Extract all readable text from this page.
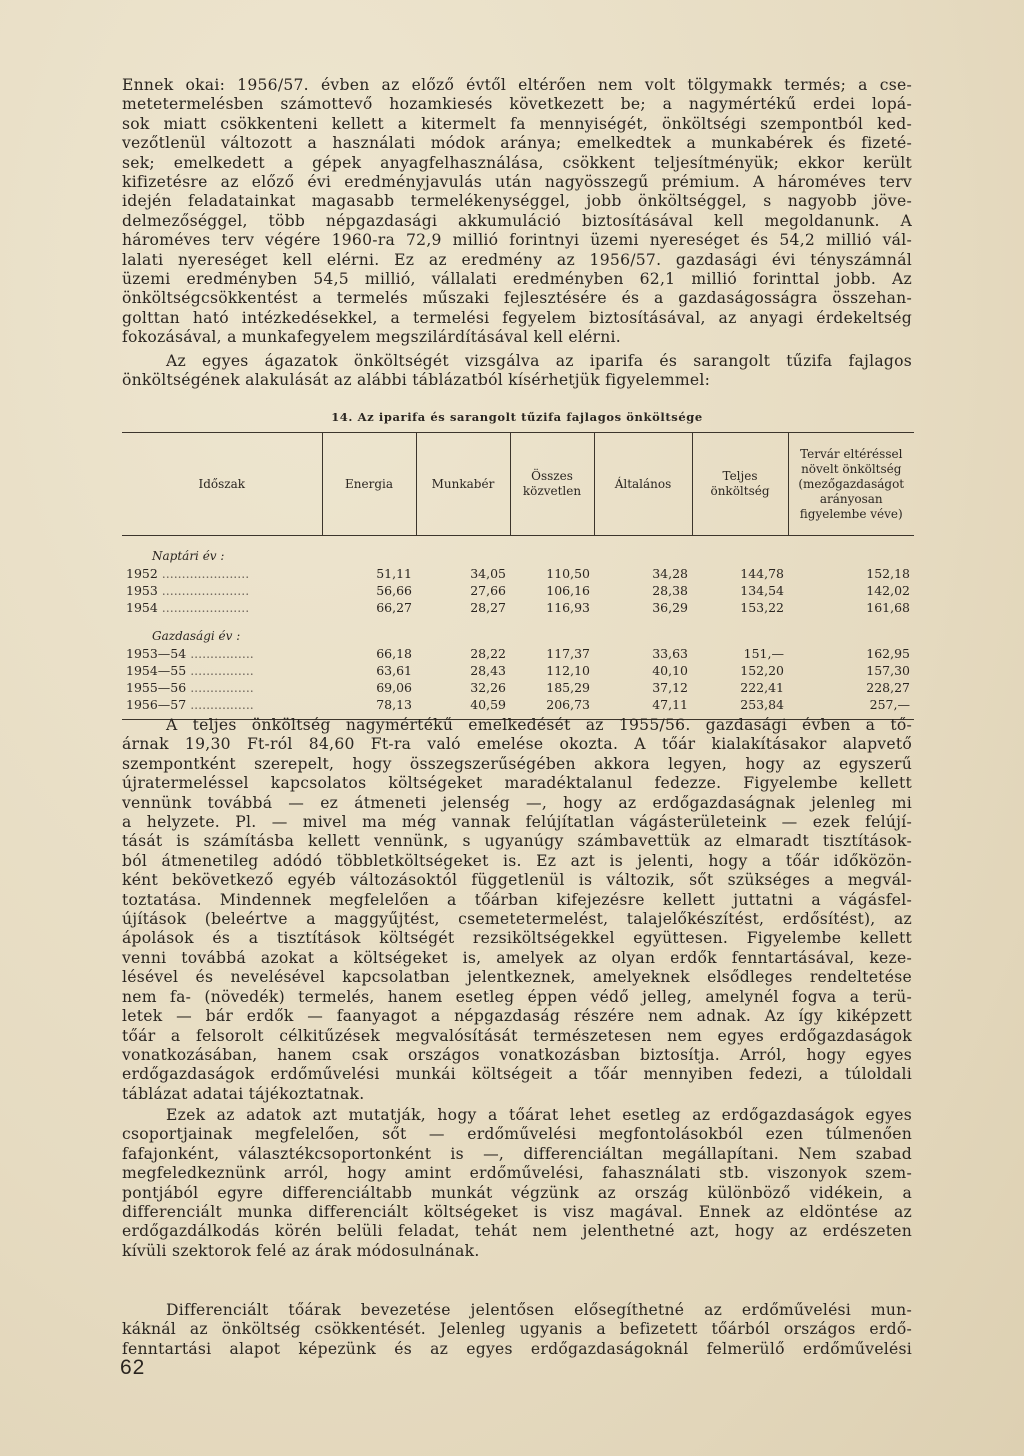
Ennek okai: 1956/57. évben az előző évtől eltérően nem volt tölgymakk termés; a cse-
metetermelésben számottevő hozamkiesés következett be; a nagymértékű erdei lopá-
sok miatt csökkenteni kellett a kitermelt fa mennyiségét, önköltségi szempontból ked-
vezőtlenül változott a használati módok aránya; emelkedtek a munkabérek és fizeté-
sek; emelkedett a gépek anyagfelhasználása, csökkent teljesítményük; ekkor került
kifizetésre az előző évi eredményjavulás után nagyösszegű prémium. A hároméves terv
idején feladatainkat magasabb termelékenységgel, jobb önköltséggel, s nagyobb jöve-
delmezőséggel, több népgazdasági akkumuláció biztosításával kell megoldanunk. A
hároméves terv végére 1960-ra 72,9 millió forintnyi üzemi nyereséget és 54,2 millió vál-
lalati nyereséget kell elérni. Ez az eredmény az 1956/57. gazdasági évi tényszámnál
üzemi eredményben 54,5 millió, vállalati eredményben 62,1 millió forinttal jobb. Az
önköltségcsökkentést a termelés műszaki fejlesztésére és a gazdaságosságra összehan-
golttan ható intézkedésekkel, a termelési fegyelem biztosításával, az anyagi érdekeltség
fokozásával, a munkafegyelem megszilárdításával kell elérni.
Az egyes ágazatok önköltségét vizsgálva az iparifa és sarangolt tűzifa fajlagos
önköltségének alakulását az alábbi táblázatból kísérhetjük figyelemmel:
14. Az iparifa és sarangolt tűzifa fajlagos önköltsége
Időszak	Energia	Munkabér	Összes közvetlen	Általános	Teljes önköltség	Tervár eltéréssel növelt önköltség (mezőgazdaságot arányosan figyelembe véve)

Naptári év :						
1952 ......................	51,11	34,05	110,50	34,28	144,78	152,18
1953 ......................	56,66	27,66	106,16	28,38	134,54	142,02
1954 ......................	66,27	28,27	116,93	36,29	153,22	161,68

Gazdasági év :						
1953—54 ................	66,18	28,22	117,37	33,63	151,—	162,95
1954—55 ................	63,61	28,43	112,10	40,10	152,20	157,30
1955—56 ................	69,06	32,26	185,29	37,12	222,41	228,27
1956—57 ................	78,13	40,59	206,73	47,11	253,84	257,—

A teljes önköltség nagymértékű emelkedését az 1955/56. gazdasági évben a tő-
árnak 19,30 Ft-ról 84,60 Ft-ra való emelése okozta. A tőár kialakításakor alapvető
szempontként szerepelt, hogy összegszerűségében akkora legyen, hogy az egyszerű
újratermeléssel kapcsolatos költségeket maradéktalanul fedezze. Figyelembe kellett
vennünk továbbá — ez átmeneti jelenség —, hogy az erdőgazdaságnak jelenleg mi
a helyzete. Pl. — mivel ma még vannak felújítatlan vágásterületeink — ezek felújí-
tását is számításba kellett vennünk, s ugyanúgy számbavettük az elmaradt tisztítások-
ból átmenetileg adódó többletköltségeket is. Ez azt is jelenti, hogy a tőár időközön-
ként bekövetkező egyéb változásoktól függetlenül is változik, sőt szükséges a megvál-
toztatása. Mindennek megfelelően a tőárban kifejezésre kellett juttatni a vágásfel-
újítások (beleértve a maggyűjtést, csemetetermelést, talajelőkészítést, erdősítést), az
ápolások és a tisztítások költségét rezsiköltségekkel együttesen. Figyelembe kellett
venni továbbá azokat a költségeket is, amelyek az olyan erdők fenntartásával, keze-
lésével és nevelésével kapcsolatban jelentkeznek, amelyeknek elsődleges rendeltetése
nem fa- (növedék) termelés, hanem esetleg éppen védő jelleg, amelynél fogva a terü-
letek — bár erdők — faanyagot a népgazdaság részére nem adnak. Az így kiképzett
tőár a felsorolt célkitűzések megvalósítását természetesen nem egyes erdőgazdaságok
vonatkozásában, hanem csak országos vonatkozásban biztosítja. Arról, hogy egyes
erdőgazdaságok erdőművelési munkái költségeit a tőár mennyiben fedezi, a túloldali
táblázat adatai tájékoztatnak.
Ezek az adatok azt mutatják, hogy a tőárat lehet esetleg az erdőgazdaságok egyes
csoportjainak megfelelően, sőt — erdőművelési megfontolásokból ezen túlmenően
fafajonként, választékcsoportonként is —, differenciáltan megállapítani. Nem szabad
megfeledkeznünk arról, hogy amint erdőművelési, fahasználati stb. viszonyok szem-
pontjából egyre differenciáltabb munkát végzünk az ország különböző vidékein, a
differenciált munka differenciált költségeket is visz magával. Ennek az eldöntése az
erdőgazdálkodás körén belüli feladat, tehát nem jelenthetné azt, hogy az erdészeten
kívüli szektorok felé az árak módosulnának.
Differenciált tőárak bevezetése jelentősen elősegíthetné az erdőművelési mun-
káknál az önköltség csökkentését. Jelenleg ugyanis a befizetett tőárból országos erdő-
fenntartási alapot képezünk és az egyes erdőgazdaságoknál felmerülő erdőművelési
62
